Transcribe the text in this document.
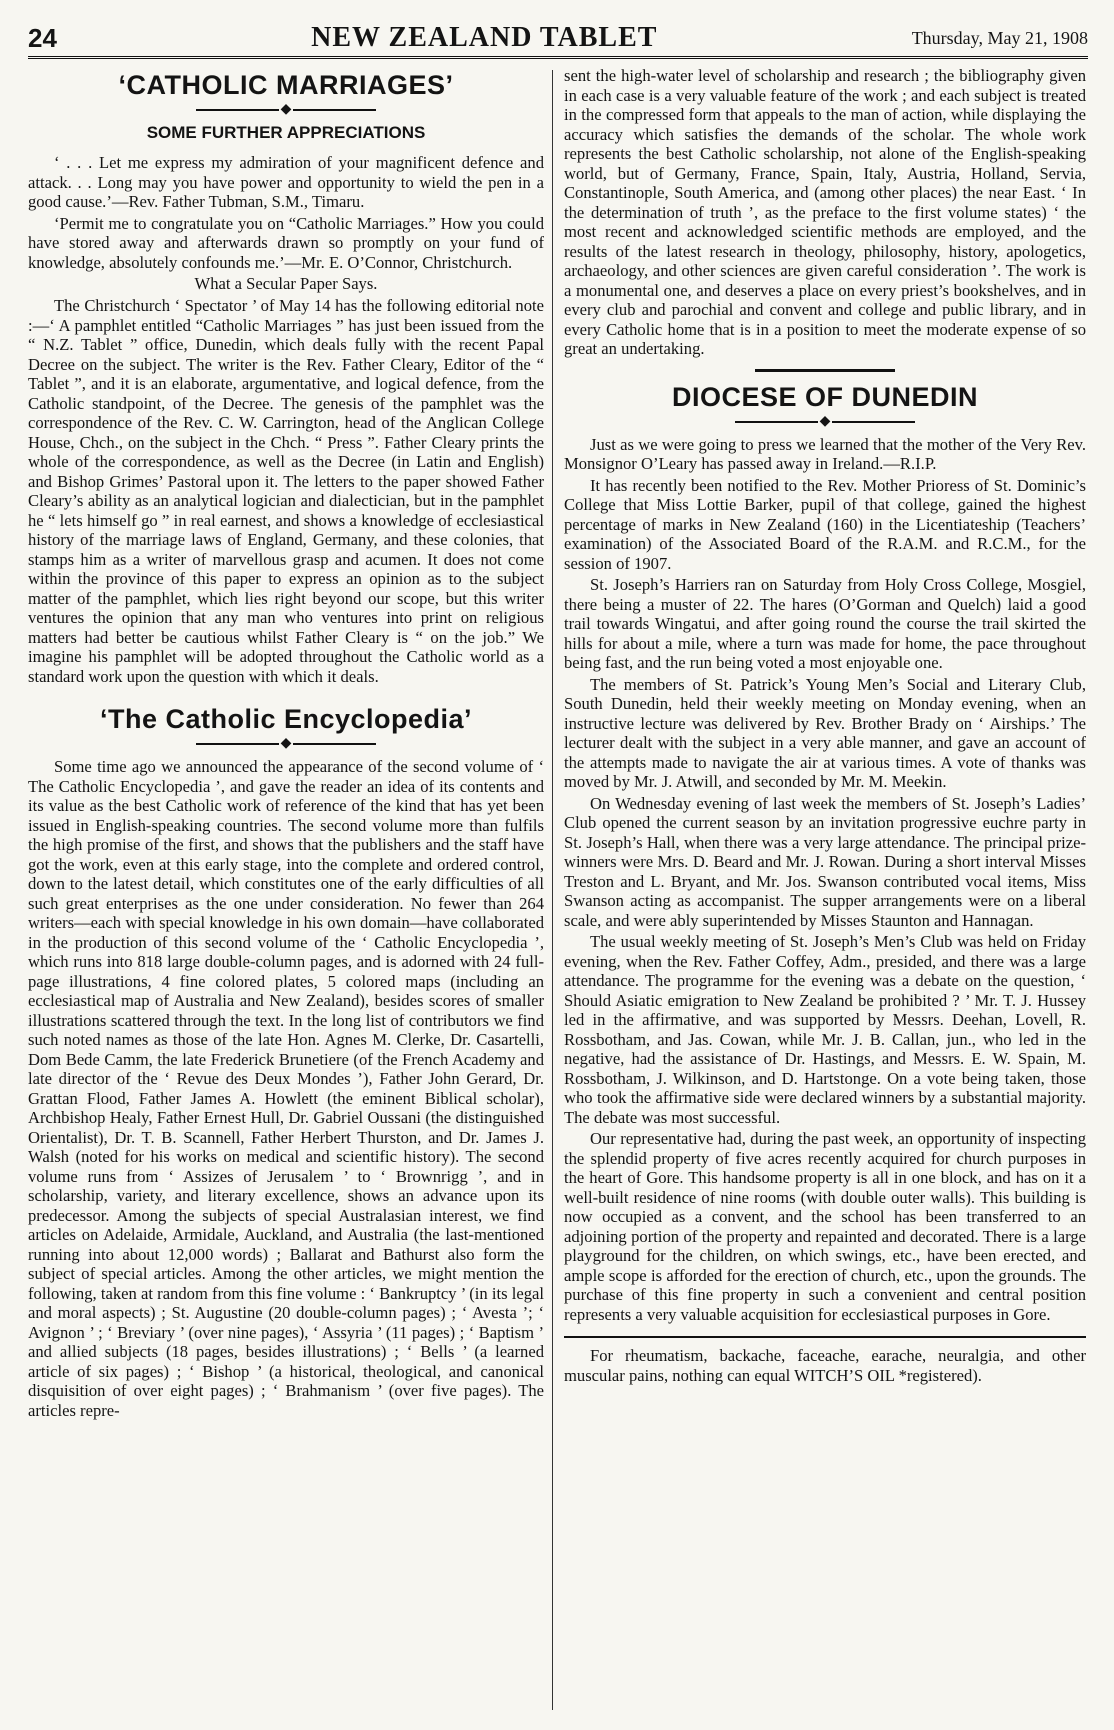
24	NEW ZEALAND TABLET	Thursday, May 21, 1908
‘CATHOLIC MARRIAGES’
◆
SOME FURTHER APPRECIATIONS

‘ . . . Let me express my admiration of your magnificent defence and attack. . . Long may you have power and opportunity to wield the pen in a good cause.’—Rev. Father Tubman, S.M., Timaru.

‘Permit me to congratulate you on “Catholic Marriages.” How you could have stored away and afterwards drawn so promptly on your fund of knowledge, absolutely confounds me.’—Mr. E. O’Connor, Christchurch.

What a Secular Paper Says.

The Christchurch ‘ Spectator ’ of May 14 has the following editorial note :—‘ A pamphlet entitled “Catholic Marriages ” has just been issued from the “ N.Z. Tablet ” office, Dunedin, which deals fully with the recent Papal Decree on the subject. The writer is the Rev. Father Cleary, Editor of the “ Tablet ”, and it is an elaborate, argumentative, and logical defence, from the Catholic standpoint, of the Decree. The genesis of the pamphlet was the correspondence of the Rev. C. W. Carrington, head of the Anglican College House, Chch., on the subject in the Chch. “ Press ”. Father Cleary prints the whole of the correspondence, as well as the Decree (in Latin and English) and Bishop Grimes’ Pastoral upon it. The letters to the paper showed Father Cleary’s ability as an analytical logician and dialectician, but in the pamphlet he “ lets himself go ” in real earnest, and shows a knowledge of ecclesiastical history of the marriage laws of England, Germany, and these colonies, that stamps him as a writer of marvellous grasp and acumen. It does not come within the province of this paper to express an opinion as to the subject matter of the pamphlet, which lies right beyond our scope, but this writer ventures the opinion that any man who ventures into print on religious matters had better be cautious whilst Father Cleary is “ on the job.” We imagine his pamphlet will be adopted throughout the Catholic world as a standard work upon the question with which it deals.

‘The Catholic Encyclopedia’
◆

Some time ago we announced the appearance of the second volume of ‘ The Catholic Encyclopedia ’, and gave the reader an idea of its contents and its value as the best Catholic work of reference of the kind that has yet been issued in English-speaking countries. The second volume more than fulfils the high promise of the first, and shows that the publishers and the staff have got the work, even at this early stage, into the complete and ordered control, down to the latest detail, which constitutes one of the early difficulties of all such great enterprises as the one under consideration. No fewer than 264 writers—each with special knowledge in his own domain—have collaborated in the production of this second volume of the ‘ Catholic Encyclopedia ’, which runs into 818 large double-column pages, and is adorned with 24 full-page illustrations, 4 fine colored plates, 5 colored maps (including an ecclesiastical map of Australia and New Zealand), besides scores of smaller illustrations scattered through the text. In the long list of contributors we find such noted names as those of the late Hon. Agnes M. Clerke, Dr. Casartelli, Dom Bede Camm, the late Frederick Brunetiere (of the French Academy and late director of the ‘ Revue des Deux Mondes ’), Father John Gerard, Dr. Grattan Flood, Father James A. Howlett (the eminent Biblical scholar), Archbishop Healy, Father Ernest Hull, Dr. Gabriel Oussani (the distinguished Orientalist), Dr. T. B. Scannell, Father Herbert Thurston, and Dr. James J. Walsh (noted for his works on medical and scientific history). The second volume runs from ‘ Assizes of Jerusalem ’ to ‘ Brownrigg ’, and in scholarship, variety, and literary excellence, shows an advance upon its predecessor. Among the subjects of special Australasian interest, we find articles on Adelaide, Armidale, Auckland, and Australia (the last-mentioned running into about 12,000 words) ; Ballarat and Bathurst also form the subject of special articles. Among the other articles, we might mention the following, taken at random from this fine volume : ‘ Bankruptcy ’ (in its legal and moral aspects) ; St. Augustine (20 double-column pages) ; ‘ Avesta ’; ‘ Avignon ’ ; ‘ Breviary ’ (over nine pages), ‘ Assyria ’ (11 pages) ; ‘ Baptism ’ and allied subjects (18 pages, besides illustrations) ; ‘ Bells ’ (a learned article of six pages) ; ‘ Bishop ’ (a historical, theological, and canonical disquisition of over eight pages) ; ‘ Brahmanism ’ (over five pages). The articles repre-

sent the high-water level of scholarship and research ; the bibliography given in each case is a very valuable feature of the work ; and each subject is treated in the compressed form that appeals to the man of action, while displaying the accuracy which satisfies the demands of the scholar. The whole work represents the best Catholic scholarship, not alone of the English-speaking world, but of Germany, France, Spain, Italy, Austria, Holland, Servia, Constantinople, South America, and (among other places) the near East. ‘ In the determination of truth ’, as the preface to the first volume states) ‘ the most recent and acknowledged scientific methods are employed, and the results of the latest research in theology, philosophy, history, apologetics, archaeology, and other sciences are given careful consideration ’. The work is a monumental one, and deserves a place on every priest’s bookshelves, and in every club and parochial and convent and college and public library, and in every Catholic home that is in a position to meet the moderate expense of so great an undertaking.

DIOCESE OF DUNEDIN
◆

Just as we were going to press we learned that the mother of the Very Rev. Monsignor O’Leary has passed away in Ireland.—R.I.P.

It has recently been notified to the Rev. Mother Prioress of St. Dominic’s College that Miss Lottie Barker, pupil of that college, gained the highest percentage of marks in New Zealand (160) in the Licentiateship (Teachers’ examination) of the Associated Board of the R.A.M. and R.C.M., for the session of 1907.

St. Joseph’s Harriers ran on Saturday from Holy Cross College, Mosgiel, there being a muster of 22. The hares (O’Gorman and Quelch) laid a good trail towards Wingatui, and after going round the course the trail skirted the hills for about a mile, where a turn was made for home, the pace throughout being fast, and the run being voted a most enjoyable one.

The members of St. Patrick’s Young Men’s Social and Literary Club, South Dunedin, held their weekly meeting on Monday evening, when an instructive lecture was delivered by Rev. Brother Brady on ‘ Airships.’ The lecturer dealt with the subject in a very able manner, and gave an account of the attempts made to navigate the air at various times. A vote of thanks was moved by Mr. J. Atwill, and seconded by Mr. M. Meekin.

On Wednesday evening of last week the members of St. Joseph’s Ladies’ Club opened the current season by an invitation progressive euchre party in St. Joseph’s Hall, when there was a very large attendance. The principal prize-winners were Mrs. D. Beard and Mr. J. Rowan. During a short interval Misses Treston and L. Bryant, and Mr. Jos. Swanson contributed vocal items, Miss Swanson acting as accompanist. The supper arrangements were on a liberal scale, and were ably superintended by Misses Staunton and Hannagan.

The usual weekly meeting of St. Joseph’s Men’s Club was held on Friday evening, when the Rev. Father Coffey, Adm., presided, and there was a large attendance. The programme for the evening was a debate on the question, ‘ Should Asiatic emigration to New Zealand be prohibited ? ’ Mr. T. J. Hussey led in the affirmative, and was supported by Messrs. Deehan, Lovell, R. Rossbotham, and Jas. Cowan, while Mr. J. B. Callan, jun., who led in the negative, had the assistance of Dr. Hastings, and Messrs. E. W. Spain, M. Rossbotham, J. Wilkinson, and D. Hartstonge. On a vote being taken, those who took the affirmative side were declared winners by a substantial majority. The debate was most successful.

Our representative had, during the past week, an opportunity of inspecting the splendid property of five acres recently acquired for church purposes in the heart of Gore. This handsome property is all in one block, and has on it a well-built residence of nine rooms (with double outer walls). This building is now occupied as a convent, and the school has been transferred to an adjoining portion of the property and repainted and decorated. There is a large playground for the children, on which swings, etc., have been erected, and ample scope is afforded for the erection of church, etc., upon the grounds. The purchase of this fine property in such a convenient and central position represents a very valuable acquisition for ecclesiastical purposes in Gore.

For rheumatism, backache, faceache, earache, neuralgia, and other muscular pains, nothing can equal WITCH’S OIL *registered).
